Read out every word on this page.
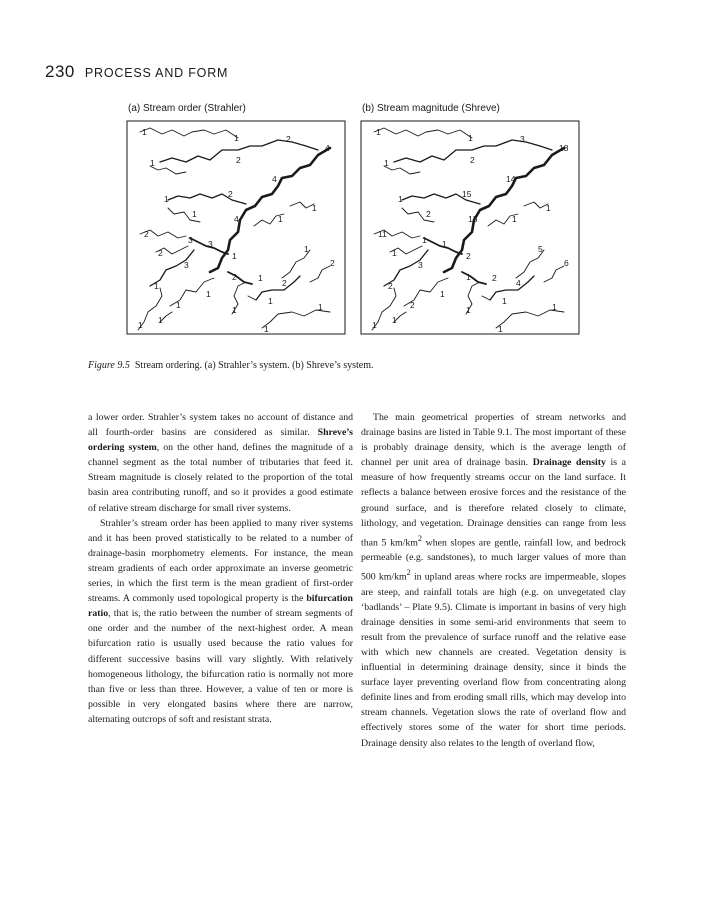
230 PROCESS AND FORM
(a) Stream order (Strahler)	(b) Stream magnitude (Shreve)
1
1	2
4
1	2
4
2
1
1	4	1
1
2
3 3
1
1
2
2
3
2	1 2
1
1
1
1	1	1
1
1	1
1
1	3
18
1	2
14
15
1
2	13	1
1
11
1 1
2
5
6
1
3
1	2 4
2
1
1
2	1	1
1
1	1
Figure 9.5 Stream ordering. (a) Strahler’s system. (b) Shreve’s system.

a lower order. Strahler’s system takes no account of distance and all fourth-order basins are considered as similar. Shreve’s ordering system, on the other hand, defines the magnitude of a channel segment as the total number of tributaries that feed it. Stream magnitude is closely related to the proportion of the total basin area contributing runoff, and so it provides a good estimate of relative stream discharge for small river systems.

Strahler’s stream order has been applied to many river systems and it has been proved statistically to be related to a number of drainage-basin morphometry elements. For instance, the mean stream gradients of each order approximate an inverse geometric series, in which the first term is the mean gradient of first-order streams. A commonly used topological property is the bifurcation ratio, that is, the ratio between the number of stream segments of one order and the number of the next-highest order. A mean bifurcation ratio is usually used because the ratio values for different successive basins will vary slightly. With relatively homogeneous lithology, the bifurcation ratio is normally not more than five or less than three. However, a value of ten or more is possible in very elongated basins where there are narrow, alternating outcrops of soft and resistant strata.

The main geometrical properties of stream networks and drainage basins are listed in Table 9.1. The most important of these is probably drainage density, which is the average length of channel per unit area of drainage basin. Drainage density is a measure of how frequently streams occur on the land surface. It reflects a balance between erosive forces and the resistance of the ground surface, and is therefore related closely to climate, lithology, and vegetation. Drainage densities can range from less than 5 $km/km^2$ when slopes are gentle, rainfall low, and bedrock permeable (e.g. sandstones), to much larger values of more than 500 $km/km^2$ in upland areas where rocks are impermeable, slopes are steep, and rainfall totals are high (e.g. on unvegetated clay ‘badlands’ – Plate 9.5). Climate is important in basins of very high drainage densities in some semi-arid environments that seem to result from the prevalence of surface runoff and the relative ease with which new channels are created. Vegetation density is influential in determining drainage density, since it binds the surface layer preventing overland flow from concentrating along definite lines and from eroding small rills, which may develop into stream channels. Vegetation slows the rate of overland flow and effectively stores some of the water for short time periods. Drainage density also relates to the length of overland flow,
